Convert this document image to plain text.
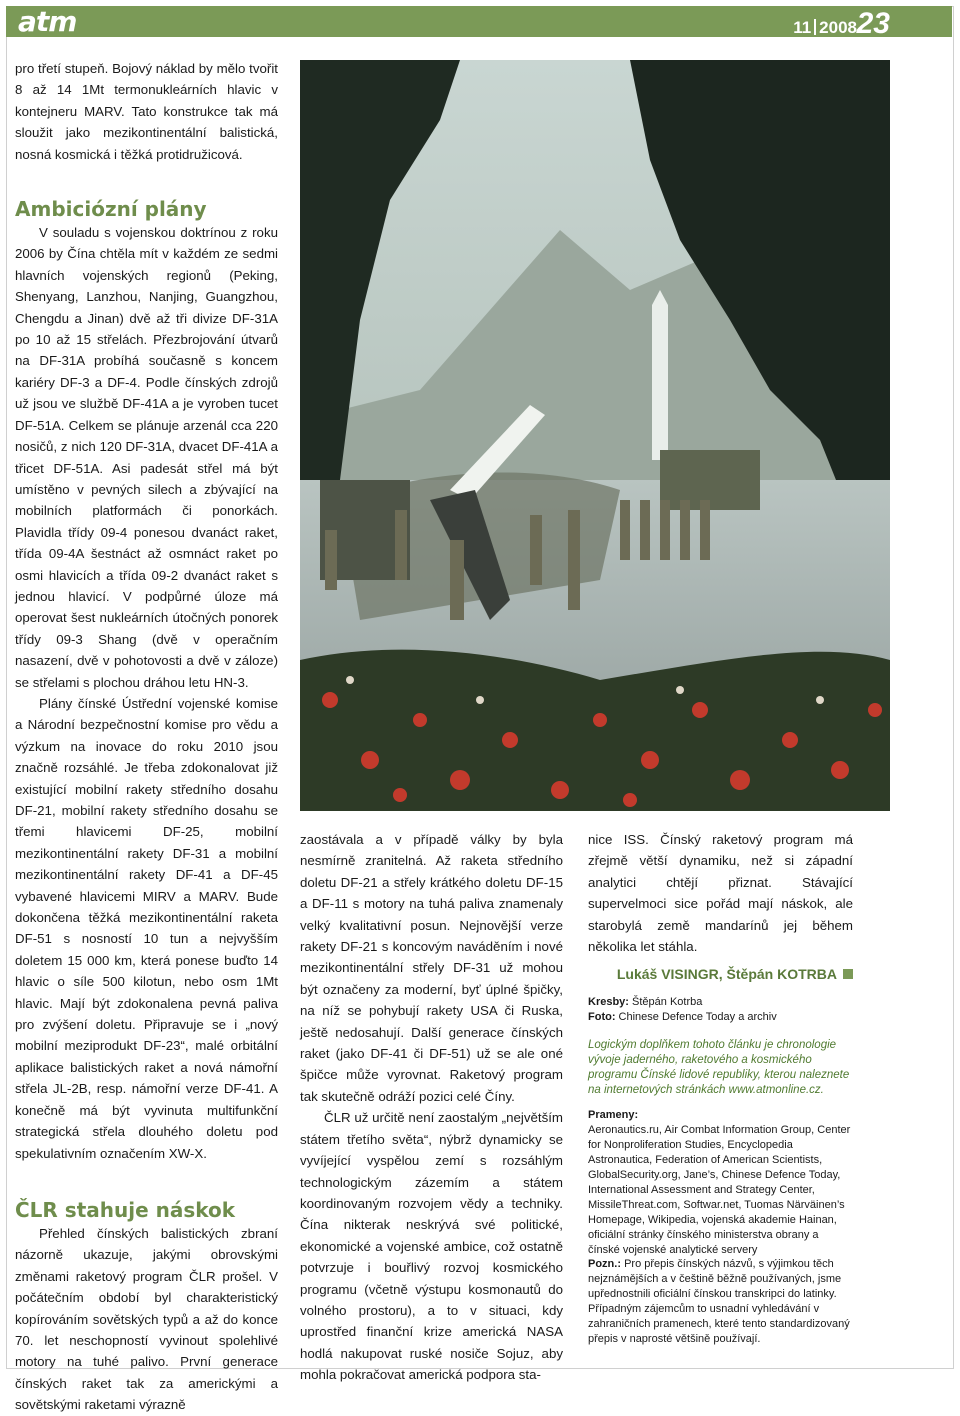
atm	11 2008 23

pro třetí stupeň. Bojový náklad by mělo tvořit 8 až 14 1Mt termonukleárních hlavic v kontejneru MARV. Tato konstrukce tak má sloužit jako mezikontinentální balistická, nosná kosmická i těžká protidružicová.

Ambiciózní plány

V souladu s vojenskou doktrínou z roku 2006 by Čína chtěla mít v každém ze sedmi hlavních vojenských regionů (Peking, Shenyang, Lanzhou, Nanjing, Guangzhou, Chengdu a Jinan) dvě až tři divize DF-31A po 10 až 15 střelách. Přezbrojování útvarů na DF-31A probíhá současně s koncem kariéry DF-3 a DF-4. Podle čínských zdrojů už jsou ve službě DF-41A a je vyroben tucet DF-51A. Celkem se plánuje arzenál cca 220 nosičů, z nich 120 DF-31A, dvacet DF-41A a třicet DF-51A. Asi padesát střel má být umístěno v pevných silech a zbývající na mobilních platformách či ponorkách. Plavidla třídy 09-4 ponesou dvanáct raket, třída 09-4A šestnáct až osmnáct raket po osmi hlavicích a třída 09-2 dvanáct raket s jednou hlavicí. V podpůrné úloze má operovat šest nukleárních útočných ponorek třídy 09-3 Shang (dvě v operačním nasazení, dvě v pohotovosti a dvě v záloze) se střelami s plochou dráhou letu HN-3.

Plány čínské Ústřední vojenské komise a Národní bezpečnostní komise pro vědu a výzkum na inovace do roku 2010 jsou značně rozsáhlé. Je třeba zdokonalovat již existující mobilní rakety středního dosahu DF-21, mobilní rakety středního dosahu se třemi hlavicemi DF-25, mobilní mezikontinentální rakety DF-31 a mobilní mezikontinentální rakety DF-41 a DF-45 vybavené hlavicemi MIRV a MARV. Bude dokončena těžká mezikontinentální raketa DF-51 s nosností 10 tun a nejvyšším doletem 15 000 km, která ponese buďto 14 hlavic o síle 500 kilotun, nebo osm 1Mt hlavic. Mají být zdokonalena pevná paliva pro zvýšení doletu. Připravuje se i „nový mobilní meziprodukt DF-23“, malé orbitální aplikace balistických raket a nová námořní střela JL-2B, resp. námořní verze DF-41. A konečně má být vyvinuta multifunkční strategická střela dlouhého doletu pod spekulativním označením XW-X.

ČLR stahuje náskok

Přehled čínských balistických zbraní názorně ukazuje, jakými obrovskými změnami raketový program ČLR prošel. V počátečním období byl charakteristický kopírováním sovětských typů a až do konce 70. let neschopností vyvinout spolehlivé motory na tuhé palivo. První generace čínských raket tak za americkými a sovětskými raketami výrazně

zaostávala a v případě války by byla nesmírně zranitelná. Až raketa středního doletu DF-21 a střely krátkého doletu DF-15 a DF-11 s motory na tuhá paliva znamenaly velký kvalitativní posun. Nejnovější verze rakety DF-21 s koncovým naváděním i nové mezikontinentální střely DF-31 už mohou být označeny za moderní, byť úplné špičky, na níž se pohybují rakety USA či Ruska, ještě nedosahují. Další generace čínských raket (jako DF-41 či DF-51) už se ale oné špičce může vyrovnat. Raketový program tak skutečně odráží pozici celé Číny.

ČLR už určitě není zaostalým „největším státem třetího světa“, nýbrž dynamicky se vyvíjející vyspělou zemí s rozsáhlým technologickým zázemím a státem koordinovaným rozvojem vědy a techniky. Čína nikterak neskrývá své politické, ekonomické a vojenské ambice, což ostatně potvrzuje i bouřlivý rozvoj kosmického programu (včetně výstupu kosmonautů do volného prostoru), a to v situaci, kdy uprostřed finanční krize americká NASA hodlá nakupovat ruské nosiče Sojuz, aby mohla pokračovat americká podpora sta-

nice ISS. Čínský raketový program má zřejmě větší dynamiku, než si západní analytici chtějí přiznat. Stávající supervelmoci sice pořád mají náskok, ale starobylá země mandarínů jej během několika let stáhla.

Lukáš VISINGR, Štěpán KOTRBA
Kresby: Štěpán Kotrba
Foto: Chinese Defence Today a archiv
Logickým doplňkem tohoto článku je chronologie vývoje jaderného, raketového a kosmického programu Čínské lidové republiky, kterou naleznete na internetových stránkách www.atmonline.cz.
Prameny:
Aeronautics.ru, Air Combat Information Group, Center for Nonproliferation Studies, Encyclopedia Astronautica, Federation of American Scientists, GlobalSecurity.org, Jane’s, Chinese Defence Today, International Assessment and Strategy Center, MissileThreat.com, Softwar.net, Tuomas Närväinen’s Homepage, Wikipedia, vojenská akademie Hainan, oficiální stránky čínského ministerstva obrany a čínské vojenské analytické servery
Pozn.: Pro přepis čínských názvů, s výjimkou těch nejznámějších a v češtině běžně používaných, jsme upřednostnili oficiální čínskou transkripci do latinky. Případným zájemcům to usnadní vyhledávání v zahraničních pramenech, které tento standardizovaný přepis v naprosté většině používají.
